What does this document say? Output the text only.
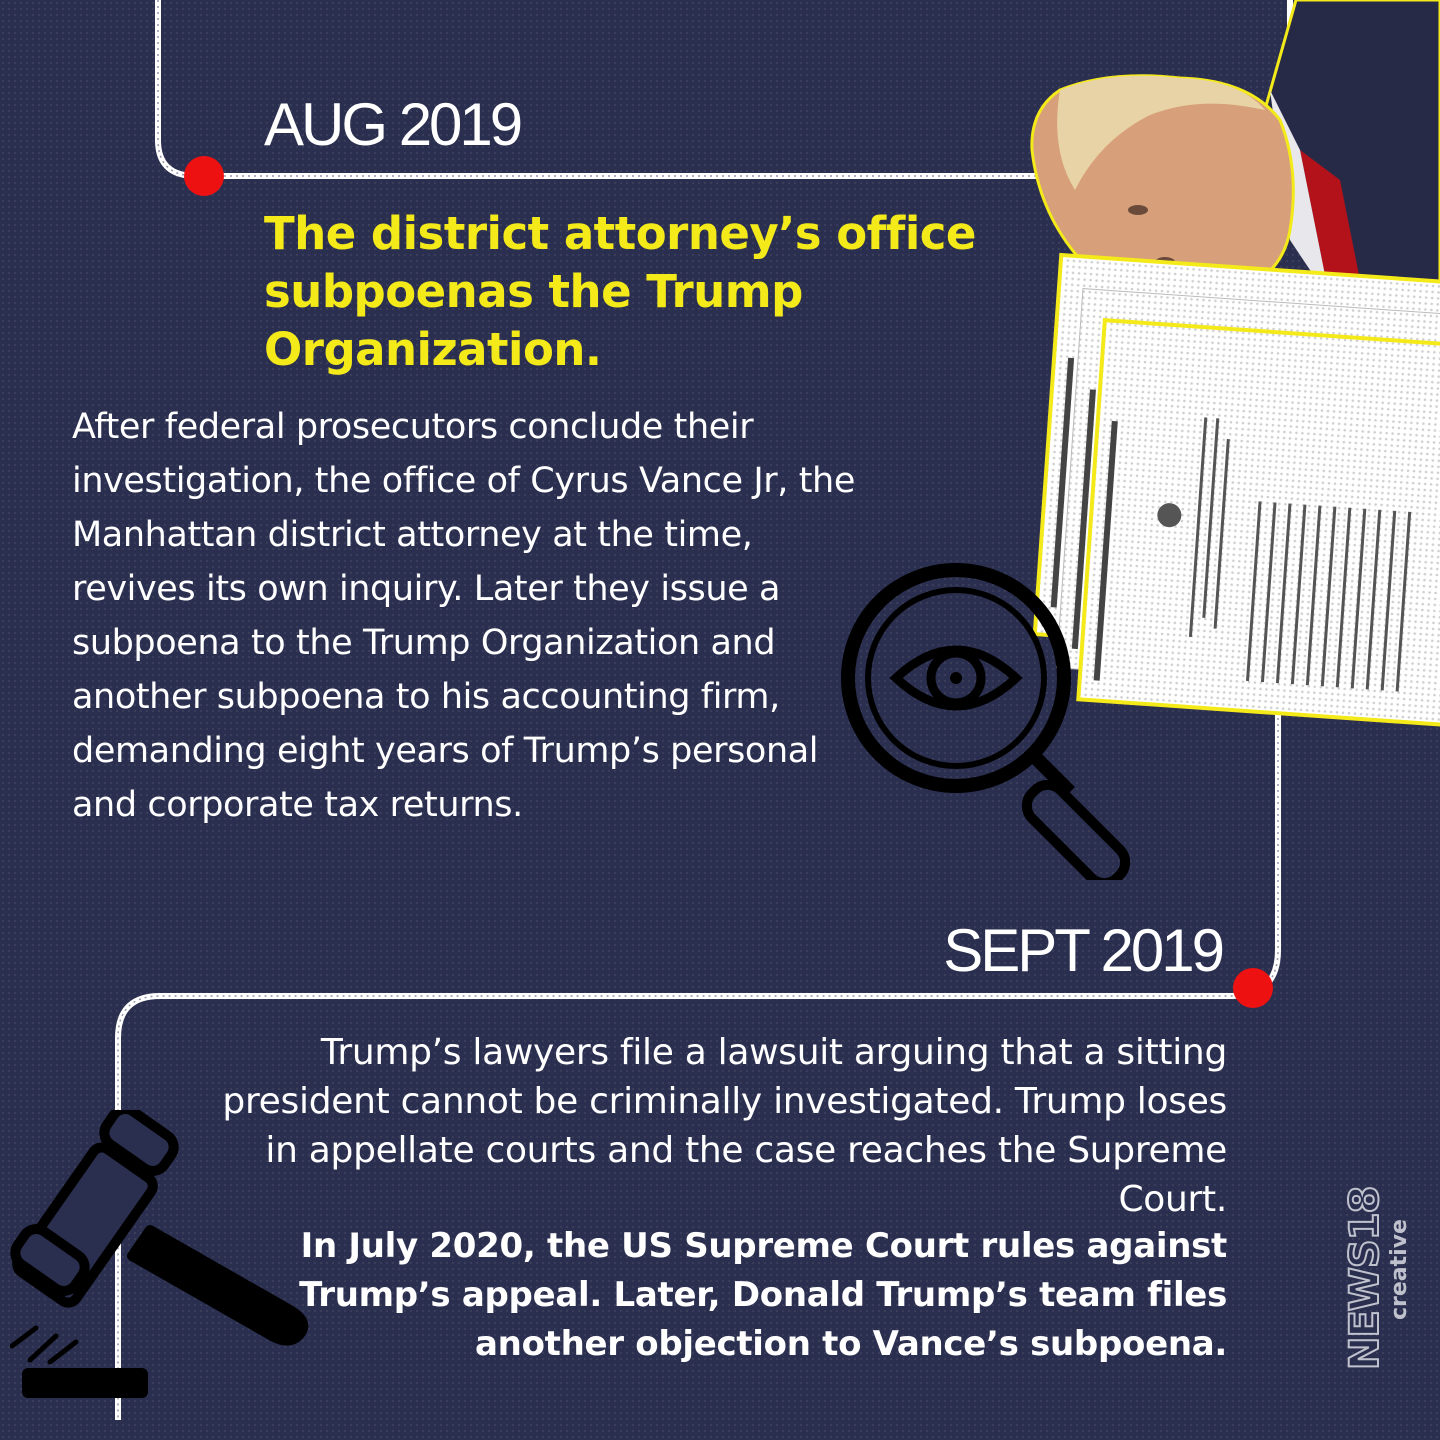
AUG 2019
The district attorney’s office subpoenas the Trump Organization.
After federal prosecutors conclude their investigation, the office of Cyrus Vance Jr, the Manhattan district attorney at the time, revives its own inquiry. Later they issue a subpoena to the Trump Organization and another subpoena to his accounting firm, demanding eight years of Trump’s personal and corporate tax returns.
SEPT 2019
Trump’s lawyers file a lawsuit arguing that a sitting president cannot be criminally investigated. Trump loses in appellate courts and the case reaches the Supreme Court.
In July 2020, the US Supreme Court rules against Trump’s appeal. Later, Donald Trump’s team files another objection to Vance’s subpoena.	NEWS18 creative
